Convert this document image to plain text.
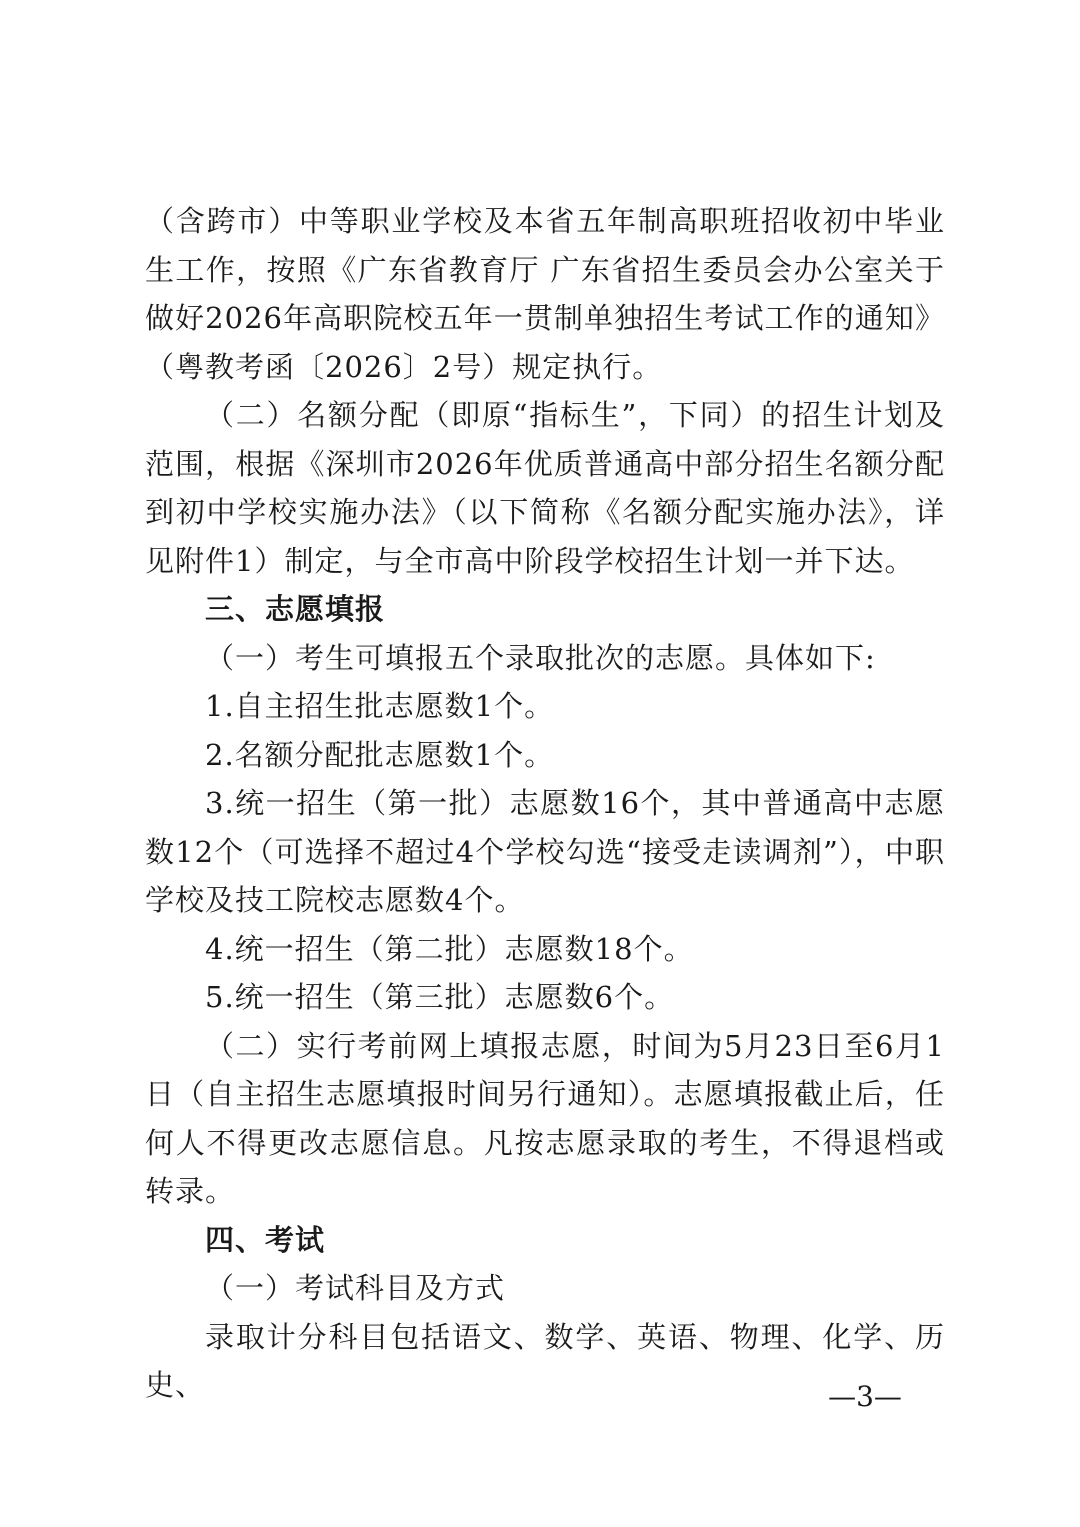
（含跨市）中等职业学校及本省五年制高职班招收初中毕业生工作，按照《广东省教育厅 广东省招生委员会办公室关于做好2026年高职院校五年一贯制单独招生考试工作的通知》（粤教考函〔2026〕2号）规定执行。

（二）名额分配（即原“指标生”，下同）的招生计划及范围，根据《深圳市2026年优质普通高中部分招生名额分配到初中学校实施办法》（以下简称《名额分配实施办法》，详见附件1）制定，与全市高中阶段学校招生计划一并下达。

三、志愿填报

（一）考生可填报五个录取批次的志愿。具体如下:

1.自主招生批志愿数1个。

2.名额分配批志愿数1个。

3.统一招生（第一批）志愿数16个，其中普通高中志愿数12个（可选择不超过4个学校勾选“接受走读调剂”），中职学校及技工院校志愿数4个。

4.统一招生（第二批）志愿数18个。

5.统一招生（第三批）志愿数6个。

（二）实行考前网上填报志愿，时间为5月23日至6月1日（自主招生志愿填报时间另行通知）。志愿填报截止后，任何人不得更改志愿信息。凡按志愿录取的考生，不得退档或转录。

四、考试

（一）考试科目及方式

录取计分科目包括语文、数学、英语、物理、化学、历史、	—3—
